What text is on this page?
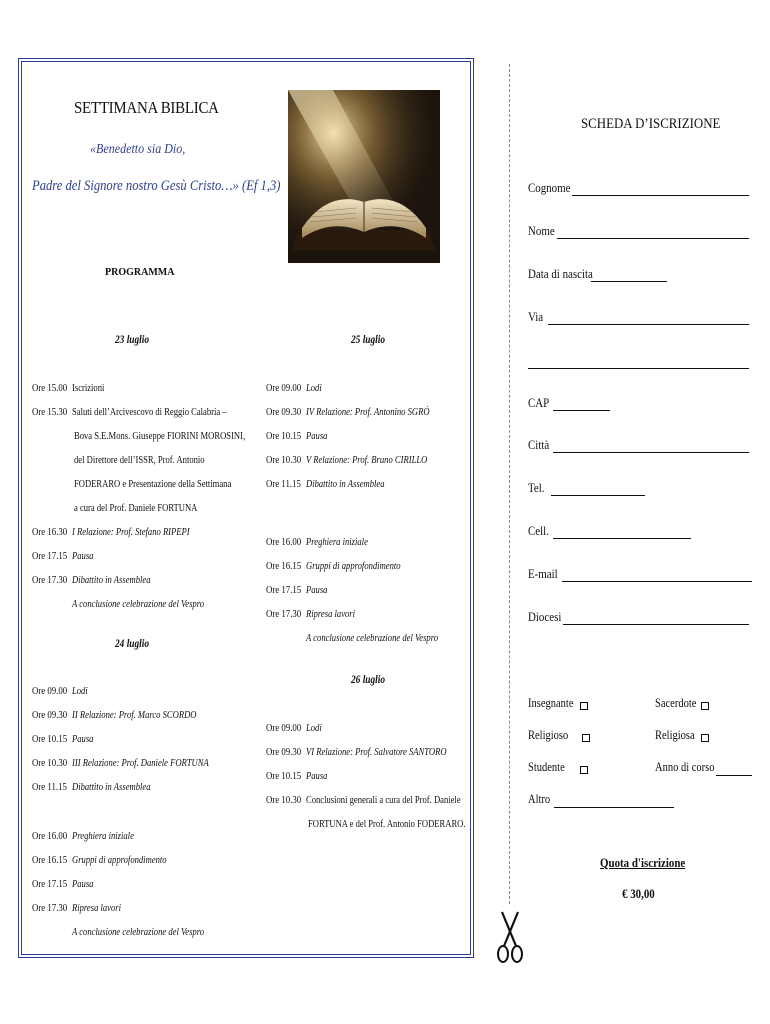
SETTIMANA BIBLICA
«Benedetto sia Dio,
Padre del Signore nostro Gesù Cristo…» (Ef 1,3)
PROGRAMMA
23 luglio
Ore 15.00 Iscrizioni
Ore 15.30 Saluti dell’Arcivescovo di Reggio Calabria –
Bova S.E.Mons. Giuseppe FIORINI MOROSINI,
del Direttore dell’ISSR, Prof. Antonio
FODERARO e Presentazione della Settimana
a cura del Prof. Daniele FORTUNA
Ore 16.30 I Relazione: Prof. Stefano RIPEPI
Ore 17.15 Pausa
Ore 17.30 Dibattito in Assemblea
A conclusione celebrazione del Vespro
24 luglio
Ore 09.00 Lodi
Ore 09.30 II Relazione: Prof. Marco SCORDO
Ore 10.15 Pausa
Ore 10.30 III Relazione: Prof. Daniele FORTUNA
Ore 11.15 Dibattito in Assemblea
Ore 16.00 Preghiera iniziale
Ore 16.15 Gruppi di approfondimento
Ore 17.15 Pausa
Ore 17.30 Ripresa lavori
A conclusione celebrazione del Vespro
25 luglio
Ore 09.00 Lodi
Ore 09.30 IV Relazione: Prof. Antonino SGRÒ
Ore 10.15 Pausa
Ore 10.30 V Relazione: Prof. Bruno CIRILLO
Ore 11.15 Dibattito in Assemblea
Ore 16.00 Preghiera iniziale
Ore 16.15 Gruppi di approfondimento
Ore 17.15 Pausa
Ore 17.30 Ripresa lavori
A conclusione celebrazione del Vespro
26 luglio
Ore 09.00 Lodi
Ore 09.30 VI Relazione: Prof. Salvatore SANTORO
Ore 10.15 Pausa
Ore 10.30 Conclusioni generali a cura del Prof. Daniele
FORTUNA e del Prof. Antonio FODERARO.
SCHEDA D’ISCRIZIONE
Cognome
Nome
Data di nascita
Via
CAP
Città
Tel.
Cell.
E-mail
Diocesi
Insegnante	Sacerdote
Religioso	Religiosa
Studente	Anno di corso
Altro
Quota d'iscrizione
€ 30,00
